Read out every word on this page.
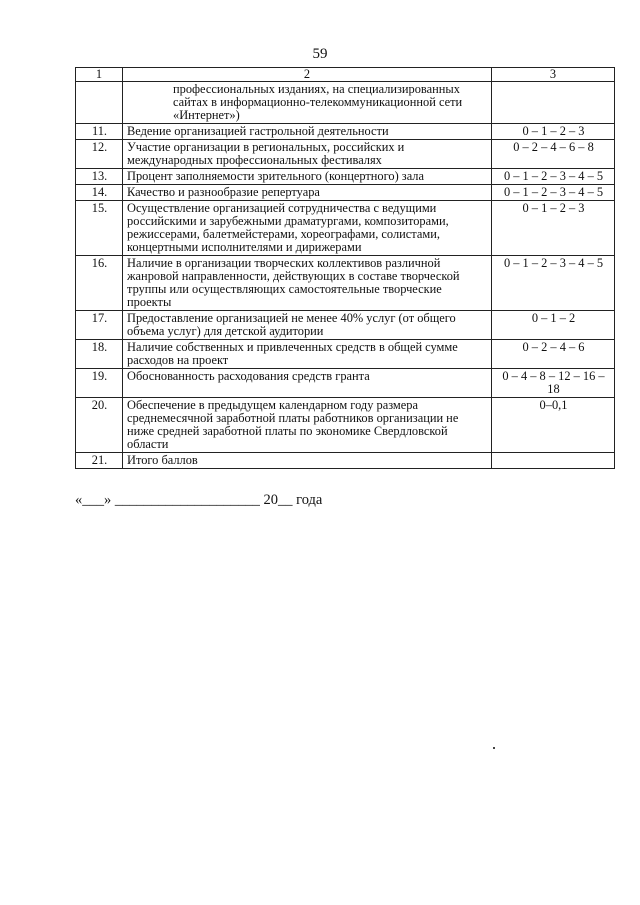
59
1	2	3
	профессиональных изданиях, на специализированных сайтах в информационно-телекоммуникационной сети «Интернет»)	
11.	Ведение организацией гастрольной деятельности	0 – 1 – 2 – 3
12.	Участие организации в региональных, российских и международных профессиональных фестивалях	0 – 2 – 4 – 6 – 8
13.	Процент заполняемости зрительного (концертного) зала	0 – 1 – 2 – 3 – 4 – 5
14.	Качество и разнообразие репертуара	0 – 1 – 2 – 3 – 4 – 5
15.	Осуществление организацией сотрудничества с ведущими российскими и зарубежными драматургами, композиторами, режиссерами, балетмейстерами, хореографами, солистами, концертными исполнителями и дирижерами	0 – 1 – 2 – 3
16.	Наличие в организации творческих коллективов различной жанровой направленности, действующих в составе творческой труппы или осуществляющих самостоятельные творческие проекты	0 – 1 – 2 – 3 – 4 – 5
17.	Предоставление организацией не менее 40% услуг (от общего объема услуг) для детской аудитории	0 – 1 – 2
18.	Наличие собственных и привлеченных средств в общей сумме расходов на проект	0 – 2 – 4 – 6
19.	Обоснованность расходования средств гранта	0 – 4 – 8 – 12 – 16 – 18
20.	Обеспечение в предыдущем календарном году размера среднемесячной заработной платы работников организации не ниже средней заработной платы по экономике Свердловской области	0–0,1
21.	Итого баллов	
«___» ____________________ 20__ года
